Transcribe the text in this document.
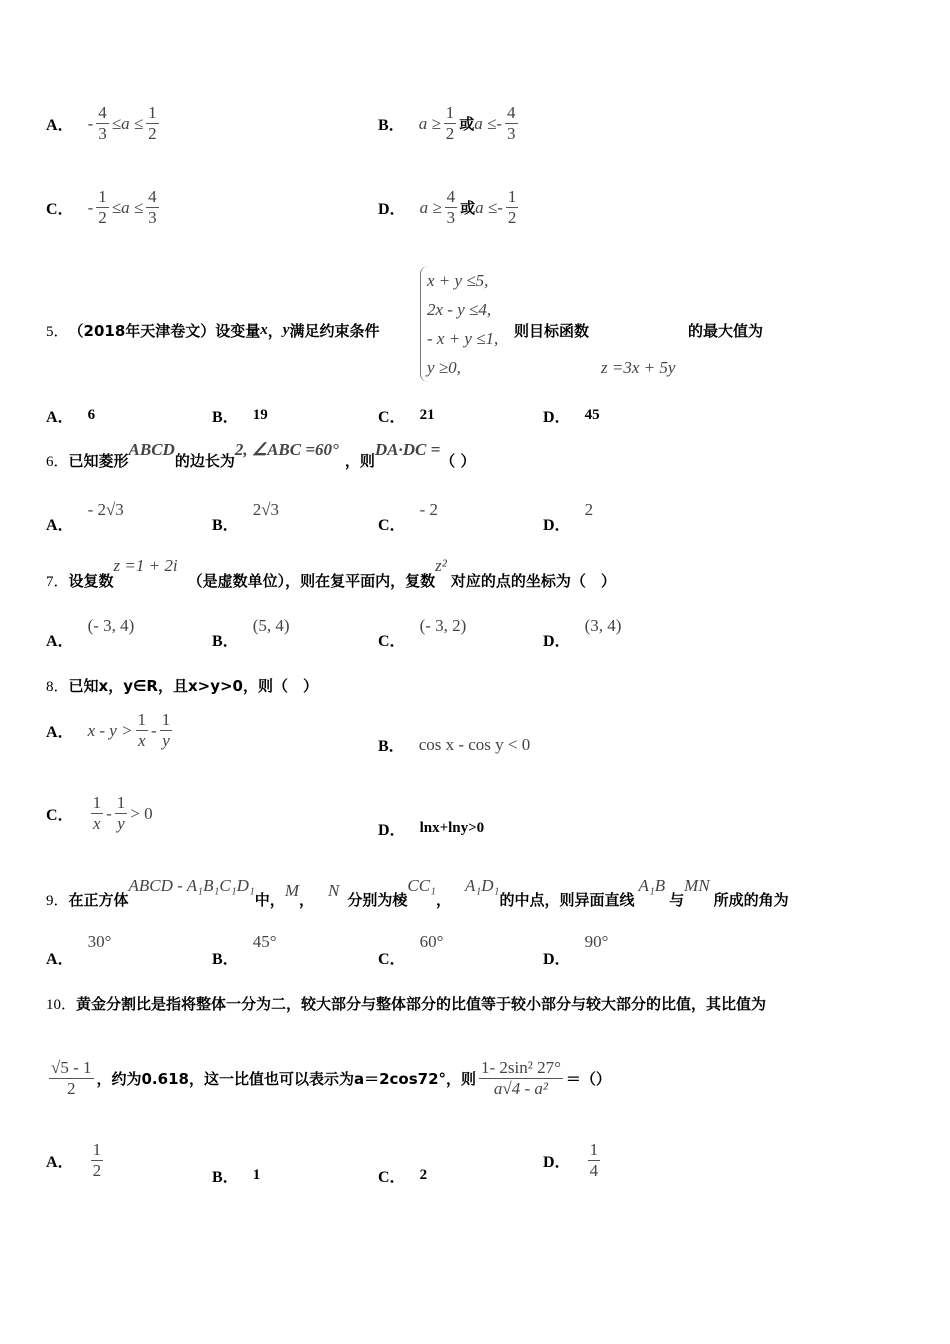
A． - $\frac{4}{3} \le a \le \frac{1}{2}$	B． $a \ge \frac{1}{2}$ 或 $a \le- \frac{4}{3}$
C． - $\frac{1}{2} \le a \le \frac{4}{3}$	D． $a \ge \frac{4}{3}$ 或 $a \le- \frac{1}{2}$
5． （2018年天津卷文）设变量 x ， y 满足约束条件
x + y ≤5,
2x - y ≤4,
- x + y ≤1,
y ≥0,
则目标函数	的最大值为
z =3x + 5y
A． 6	B． 19	C． 21	D． 45
6． 已知菱形
ABCD
的边长为
2, ∠ABC =60°
，则
DA·DC =
（ ）
A．
- 2√3
B．
2√3
C．
- 2
D．
2
7． 设复数
z =1 + 2i
（是虚数单位），则在复平面内，复数
z²
对应的点的坐标为（　）
A．
(- 3, 4)
B．
(5, 4)
C．
(- 3, 2)
D．
(3, 4)
8． 已知x，y∈R，且x>y>0，则（　）
A． $x - y > \frac{1}{x} - \frac{1}{y}$	B． cos x - cos y < 0
C． $\frac{1}{x} - \frac{1}{y} > 0$
D． lnx+lny>0
9． 在正方体
ABCD - A₁B₁C₁D₁
中， M ， N 分别为棱
CC₁
，
A₁D₁
的中点，则异面直线
A₁B
与
MN
所成的角为
A．
30°
B．
45°
C．
60°
D．
90°
10． 黄金分割比是指将整体一分为二，较大部分与整体部分的比值等于较小部分与较大部分的比值，其比值为
$\frac{√5 - 1}{2}$ ，约为0.618，这一比值也可以表示为a＝2cos72°，则 $\frac{\text{1- 2sin² 27°}}{\text{a√4 - a²}}$ ＝（）
A． $\frac{1}{2}$	B． 1	C． 2
D． $\frac{1}{4}$
